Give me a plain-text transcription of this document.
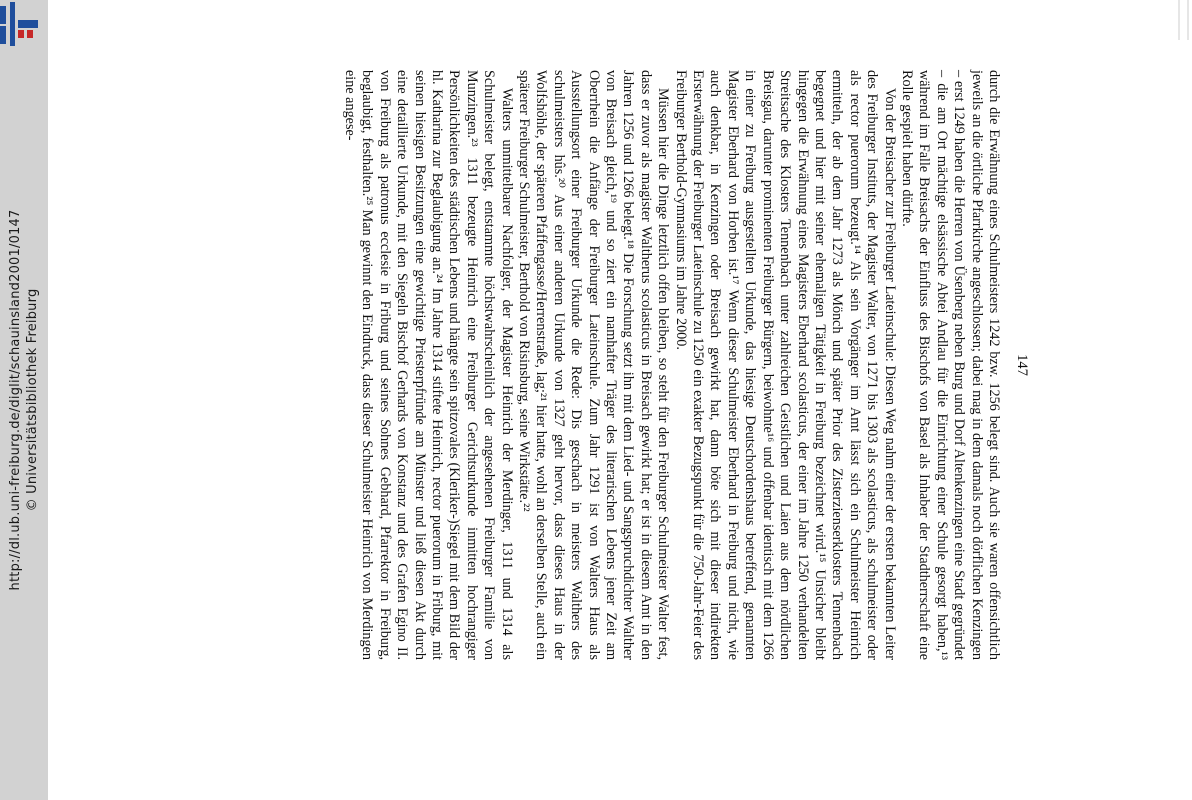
http://dl.ub.uni-freiburg.de/diglit/schauinsland2001/0147 © Universitätsbibliothek Freiburg	147

durch die Erwähnung eines Schulmeisters 1242 bzw. 1256 belegt sind. Auch sie waren offensichtlich jeweils an die örtliche Pfarrkirche angeschlossen; dabei mag in dem damals noch dörflichen Kenzingen – erst 1249 haben die Herren von Üsenberg neben Burg und Dorf Altenkenzingen eine Stadt gegründet – die am Ort mächtige elsässische Abtei Andlau für die Einrichtung einer Schule gesorgt haben,¹³ während im Falle Breisachs der Einfluss des Bischofs von Basel als Inhaber der Stadtherrschaft eine Rolle gespielt haben dürfte.

Von der Breisacher zur Freiburger Lateinschule: Diesen Weg nahm einer der ersten bekannten Leiter des Freiburger Instituts, der Magister Walter, von 1271 bis 1303 als scolasticus, als schulmeister oder als rector puerorum bezeugt.¹⁴ Als sein Vorgänger im Amt lässt sich ein Schulmeister Heinrich ermitteln, der ab dem Jahr 1273 als Mönch und später Prior des Zisterzienserklosters Tennenbach begegnet und hier mit seiner ehemaligen Tätigkeit in Freiburg bezeichnet wird.¹⁵ Unsicher bleibt hingegen die Erwähnung eines Magisters Eberhard scolasticus, der einer im Jahre 1250 verhandelten Streitsache des Klosters Tennenbach unter zahlreichen Geistlichen und Laien aus dem nördlichen Breisgau, darunter prominenten Freiburger Bürgern, beiwohnte¹⁶ und offenbar identisch mit dem 1266 in einer zu Freiburg ausgestellten Urkunde, das hiesige Deutschordenshaus betreffend, genannten Magister Eberhard von Horben ist.¹⁷ Wenn dieser Schulmeister Eberhard in Freiburg und nicht, wie auch denkbar, in Kenzingen oder Breisach gewirkt hat, dann böte sich mit dieser indirekten Ersterwähnung der Freiburger Lateinschule zu 1250 ein exakter Bezugspunkt für die 750-Jahr-Feier des Freiburger Berthold-Gymnasiums im Jahre 2000.

Müssen hier die Dinge letztlich offen bleiben, so steht für den Freiburger Schulmeister Walter fest, dass er zuvor als magister Waltherus scolasticus in Breisach gewirkt hat; er ist in diesem Amt in den Jahren 1256 und 1266 belegt.¹⁸ Die Forschung setzt ihn mit dem Lied- und Sangspruchdichter Walther von Breisach gleich,¹⁹ und so ziert ein namhafter Träger des literarischen Lebens jener Zeit am Oberrhein die Anfänge der Freiburger Lateinschule. Zum Jahr 1291 ist von Walters Haus als Ausstellungsort einer Freiburger Urkunde die Rede: Dis geschach in meisters Walthers des schulmeisters hûs.²⁰ Aus einer anderen Urkunde von 1327 geht hervor, dass dieses Haus in der Wolfshöhle, der späteren Pfaffengasse/Herrenstraße, lag;²¹ hier hatte, wohl an derselben Stelle, auch ein späterer Freiburger Schulmeister, Berthold von Risinsburg, seine Wirkstätte.²²

Walters unmittelbarer Nachfolger, der Magister Heinrich der Merdinger, 1311 und 1314 als Schulmeister belegt, entstammte höchstwahrscheinlich der angesehenen Freiburger Familie von Munzingen.²³ 1311 bezeugte Heinrich eine Freiburger Gerichtsurkunde inmitten hochrangiger Persönlichkeiten des städtischen Lebens und hängte sein spitzovales (Kleriker-)Siegel mit dem Bild der hl. Katharina zur Beglaubigung an.²⁴ Im Jahre 1314 stiftete Heinrich, rector puerorum in Friburg, mit seinen hiesigen Besitzungen eine gewichtige Priesterpfründe am Münster und ließ diesen Akt durch eine detaillierte Urkunde, mit den Siegeln Bischof Gerhards von Konstanz und des Grafen Egino II. von Freiburg als patronus ecclesie in Friburg und seines Sohnes Gebhard, Pfarrektor in Freiburg, beglaubigt, festhalten.²⁵ Man gewinnt den Eindruck, dass dieser Schulmeister Heinrich von Merdingen eine angese-
